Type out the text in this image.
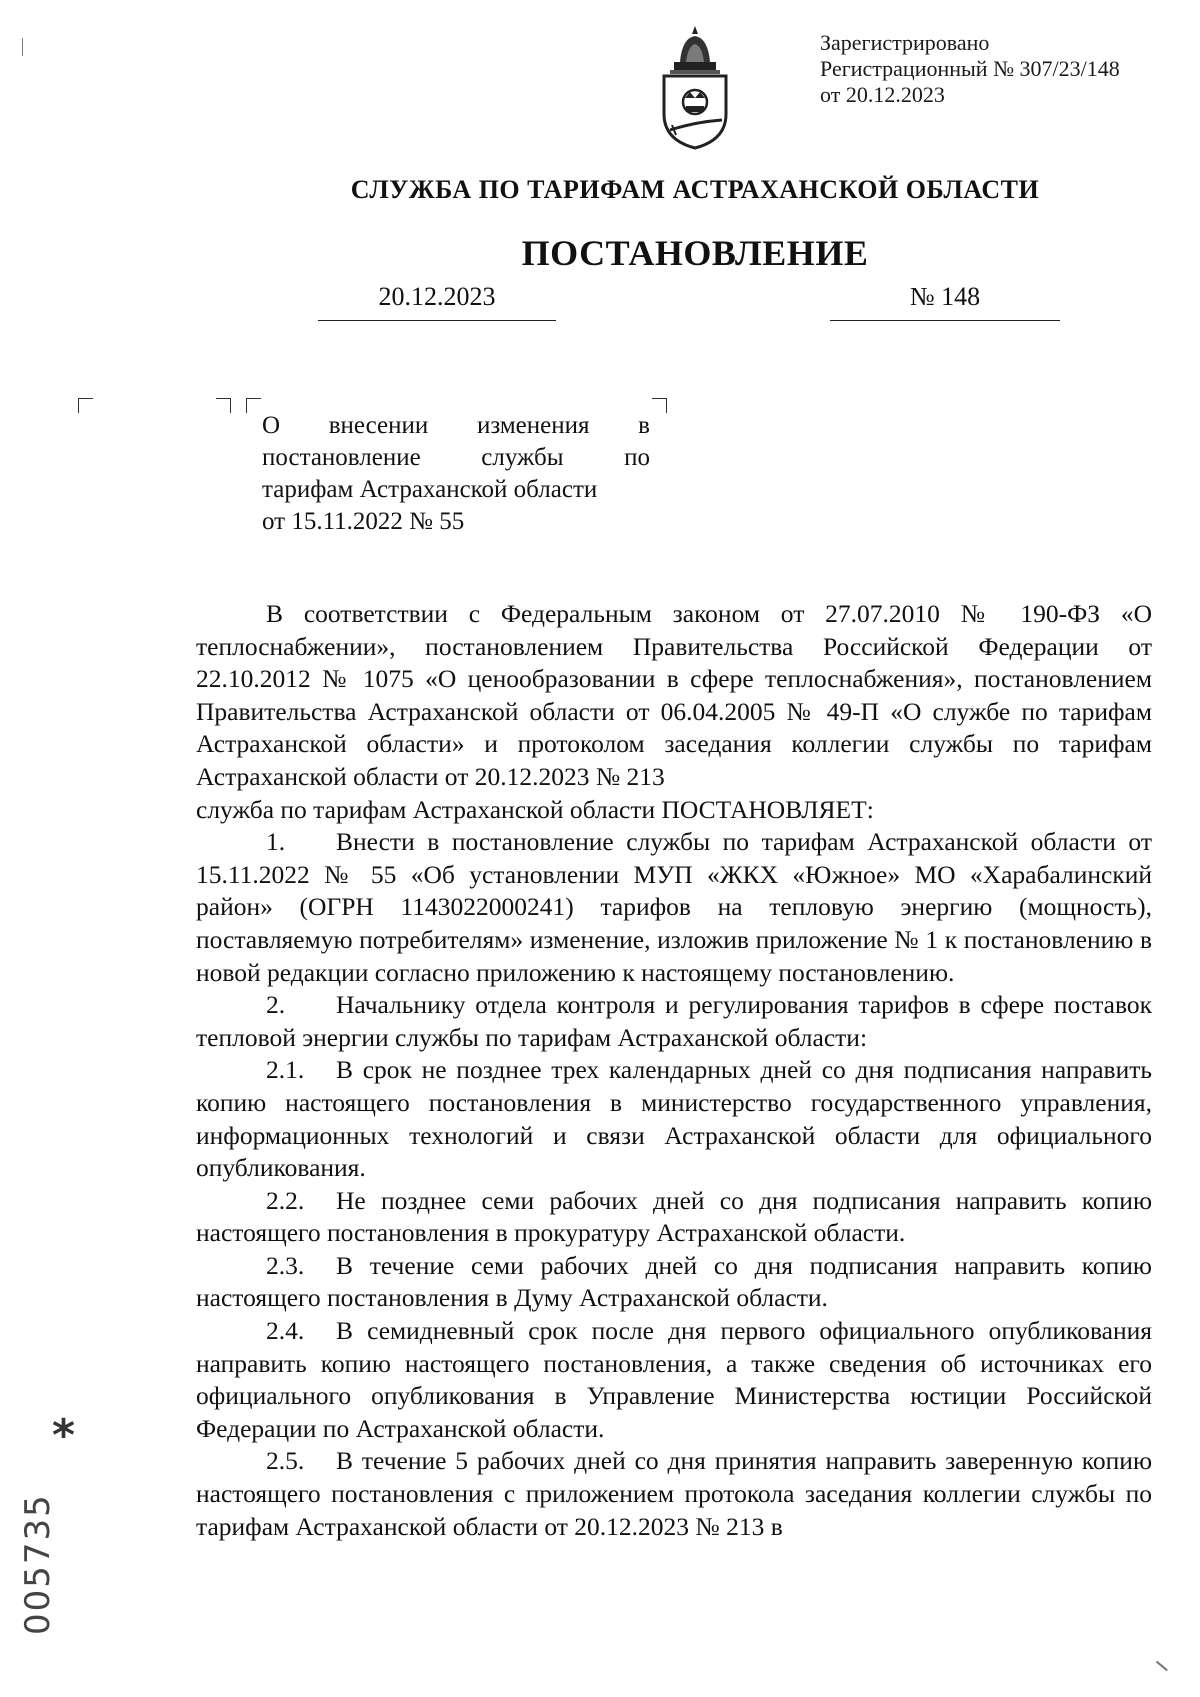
Зарегистрировано
Регистрационный № 307/23/148
от 20.12.2023
СЛУЖБА ПО ТАРИФАМ АСТРАХАНСКОЙ ОБЛАСТИ
ПОСТАНОВЛЕНИЕ
20.12.2023	№ 148
О внесении изменения в
постановление службы по
тарифам Астраханской области
от 15.11.2022 № 55

В соответствии с Федеральным законом от 27.07.2010 № 190-ФЗ «О теплоснабжении», постановлением Правительства Российской Федерации от 22.10.2012 № 1075 «О ценообразовании в сфере теплоснабжения», постановлением Правительства Астраханской области от 06.04.2005 № 49-П «О службе по тарифам Астраханской области» и протоколом заседания коллегии службы по тарифам Астраханской области от 20.12.2023 № 213

служба по тарифам Астраханской области ПОСТАНОВЛЯЕТ:

1. Внести в постановление службы по тарифам Астраханской области от 15.11.2022 № 55 «Об установлении МУП «ЖКХ «Южное» МО «Харабалинский район» (ОГРН 1143022000241) тарифов на тепловую энергию (мощность), поставляемую потребителям» изменение, изложив приложение № 1 к постановлению в новой редакции согласно приложению к настоящему постановлению.

2. Начальнику отдела контроля и регулирования тарифов в сфере поставок тепловой энергии службы по тарифам Астраханской области:

2.1. В срок не позднее трех календарных дней со дня подписания направить копию настоящего постановления в министерство государственного управления, информационных технологий и связи Астраханской области для официального опубликования.

2.2. Не позднее семи рабочих дней со дня подписания направить копию настоящего постановления в прокуратуру Астраханской области.

2.3. В течение семи рабочих дней со дня подписания направить копию настоящего постановления в Думу Астраханской области.

2.4. В семидневный срок после дня первого официального опубликования направить копию настоящего постановления, а также сведения об источниках его официального опубликования в Управление Министерства юстиции Российской Федерации по Астраханской области.

2.5. В течение 5 рабочих дней со дня принятия направить заверенную копию настоящего постановления с приложением протокола заседания коллегии службы по тарифам Астраханской области от 20.12.2023 № 213 в

*
005735
